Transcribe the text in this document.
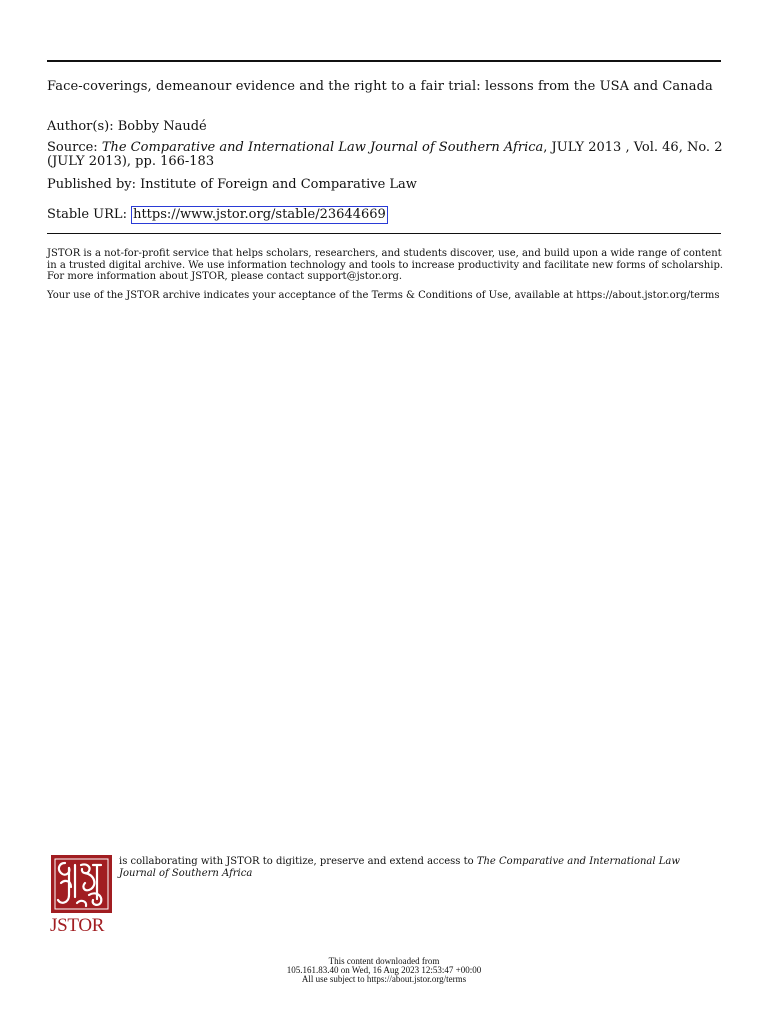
Face-coverings, demeanour evidence and the right to a fair trial: lessons from the USA and Canada
Author(s): Bobby Naudé
Source: The Comparative and International Law Journal of Southern Africa, JULY 2013 , Vol. 46, No. 2 (JULY 2013), pp. 166-183
Published by: Institute of Foreign and Comparative Law
Stable URL: https://www.jstor.org/stable/23644669
JSTOR is a not-for-profit service that helps scholars, researchers, and students discover, use, and build upon a wide range of content in a trusted digital archive. We use information technology and tools to increase productivity and facilitate new forms of scholarship. For more information about JSTOR, please contact support@jstor.org.
Your use of the JSTOR archive indicates your acceptance of the Terms & Conditions of Use, available at https://about.jstor.org/terms
JSTOR
is collaborating with JSTOR to digitize, preserve and extend access to The Comparative and International Law Journal of Southern Africa
This content downloaded from
105.161.83.40 on Wed, 16 Aug 2023 12:53:47 +00:00
All use subject to https://about.jstor.org/terms
